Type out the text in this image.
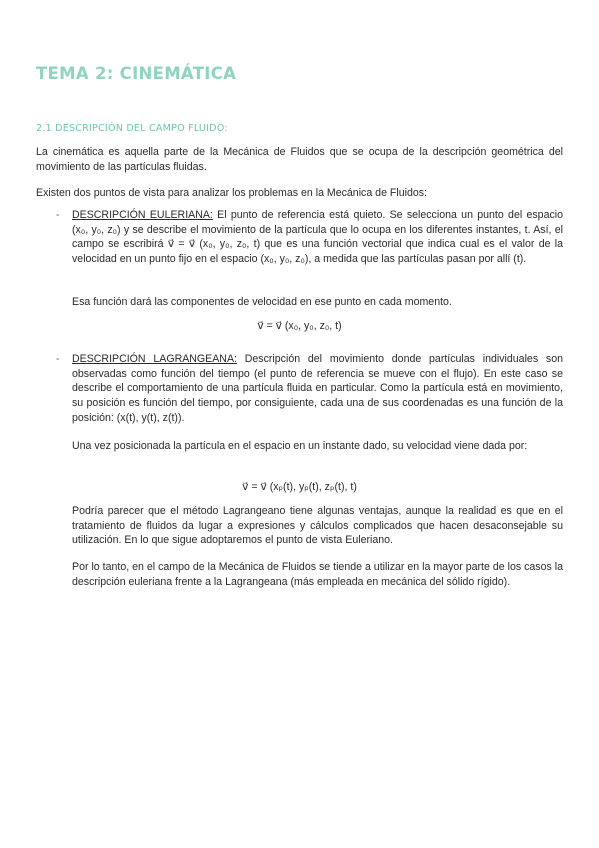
TEMA 2: CINEMÁTICA
2.1 DESCRIPCIÓN DEL CAMPO FLUIDO:

La cinemática es aquella parte de la Mecánica de Fluidos que se ocupa de la descripción geométrica del movimiento de las partículas fluidas.

Existen dos puntos de vista para analizar los problemas en la Mecánica de Fluidos:

- DESCRIPCIÓN EULERIANA: El punto de referencia está quieto. Se selecciona un punto del espacio (x₀, y₀, z₀) y se describe el movimiento de la partícula que lo ocupa en los diferentes instantes, t. Así, el campo se escribirá v⃗ = v⃗ (x₀, y₀, z₀, t) que es una función vectorial que indica cual es el valor de la velocidad en un punto fijo en el espacio (x₀, y₀, z₀), a medida que las partículas pasan por allí (t).

Esa función dará las componentes de velocidad en ese punto en cada momento.

v⃗ = v⃗ (x₀, y₀, z₀, t)
- DESCRIPCIÓN LAGRANGEANA: Descripción del movimiento donde partículas individuales son observadas como función del tiempo (el punto de referencia se mueve con el flujo). En este caso se describe el comportamiento de una partícula fluida en particular. Como la partícula está en movimiento, su posición es función del tiempo, por consiguiente, cada una de sus coordenadas es una función de la posición: (x(t), y(t), z(t)).

Una vez posicionada la partícula en el espacio en un instante dado, su velocidad viene dada por:

v⃗ = v⃗ (xₚ(t), yₚ(t), zₚ(t), t)

Podría parecer que el método Lagrangeano tiene algunas ventajas, aunque la realidad es que en el tratamiento de fluidos da lugar a expresiones y cálculos complicados que hacen desaconsejable su utilización. En lo que sigue adoptaremos el punto de vista Euleriano.

Por lo tanto, en el campo de la Mecánica de Fluidos se tiende a utilizar en la mayor parte de los casos la descripción euleriana frente a la Lagrangeana (más empleada en mecánica del sólido rígido).
